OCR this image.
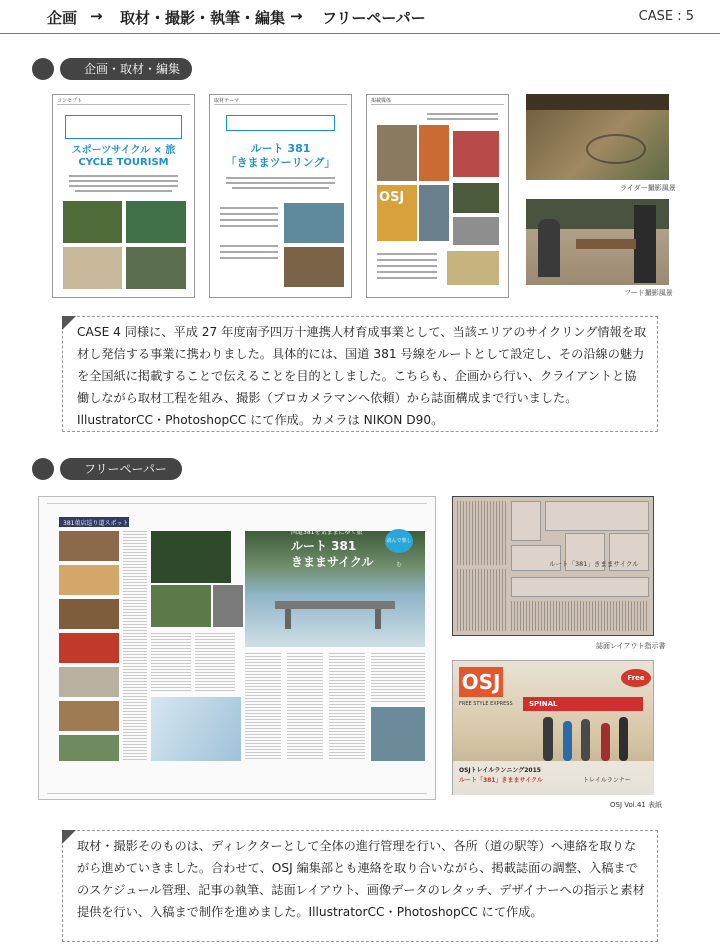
企画 → 取材・撮影・執筆・編集 → フリーペーパー	CASE : 5
企画・取材・編集
コンセプト
スポーツサイクル × 旅
CYCLE TOURISM
取材テーマ
ルート 381
「きままツーリング」
掲載媒体
OSJ
ライダー撮影風景
フード撮影風景

CASE 4 同様に、平成 27 年度南予四万十連携人材育成事業として、当該エリアのサイクリング情報を取材し発信する事業に携わりました。具体的には、国道 381 号線をルートとして設定し、その沿線の魅力を全国紙に掲載することで伝えることを目的としました。こちらも、企画から行い、クライアントと協働しながら取材工程を組み、撮影（プロカメラマンへ依頼）から誌面構成まで行いました。IllustratorCC・PhotoshopCC にて作成。カメラは NIKON D90。

フリーペーパー
381菓店巡り道スポット
国道381を気ままにゆく旅
ルート 381
きままサイクル
読んで楽しむ	ルート「381」きままサイクル
誌面レイアウト指示書
OSJ
FREE STYLE EXPRESS
Free
SPINAL
OSJトレイルランニング2015
ルート「381」きままサイクル	トレイルランナー
OSJ Vol.41 表紙

取材・撮影そのものは、ディレクターとして全体の進行管理を行い、各所（道の駅等）へ連絡を取りながら進めていきました。合わせて、OSJ 編集部とも連絡を取り合いながら、掲載誌面の調整、入稿までのスケジュール管理、記事の執筆、誌面レイアウト、画像データのレタッチ、デザイナーへの指示と素材提供を行い、入稿まで制作を進めました。IllustratorCC・PhotoshopCC にて作成。
